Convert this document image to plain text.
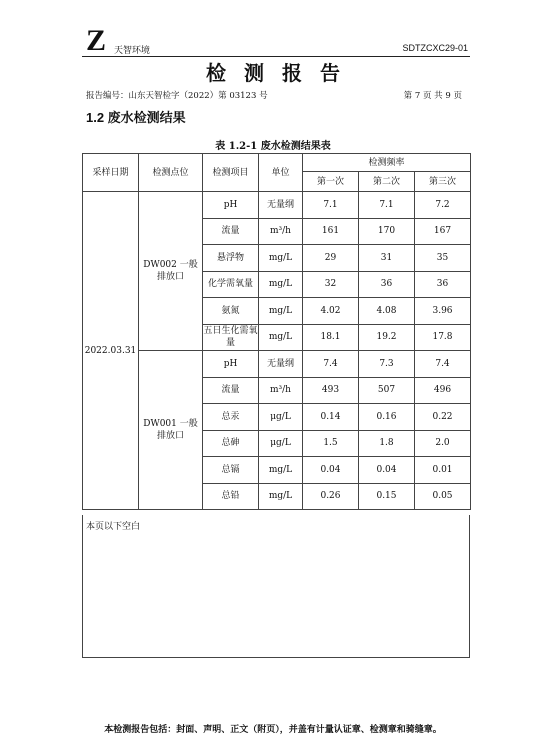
Z 天智环境	SDTZCXC29-01
检测报告
报告编号：山东天智检字（2022）第 03123 号	第 7 页 共 9 页
1.2 废水检测结果
表 1.2-1 废水检测结果表
采样日期	检测点位	检测项目	单位	检测频率		
				第一次	第二次	第三次
2022.03.31	DW002 一般排放口	pH	无量纲	7.1	7.1	7.2
		流量	m³/h	161	170	167
		悬浮物	mg/L	29	31	35
		化学需氧量	mg/L	32	36	36
		氨氮	mg/L	4.02	4.08	3.96
		五日生化需氧量	mg/L	18.1	19.2	17.8
	DW001 一般排放口	pH	无量纲	7.4	7.3	7.4
		流量	m³/h	493	507	496
		总汞	μg/L	0.14	0.16	0.22
		总砷	μg/L	1.5	1.8	2.0
		总镉	mg/L	0.04	0.04	0.01
		总铅	mg/L	0.26	0.15	0.05
本页以下空白
本检测报告包括：封面、声明、正文（附页），并盖有计量认证章、检测章和骑缝章。
